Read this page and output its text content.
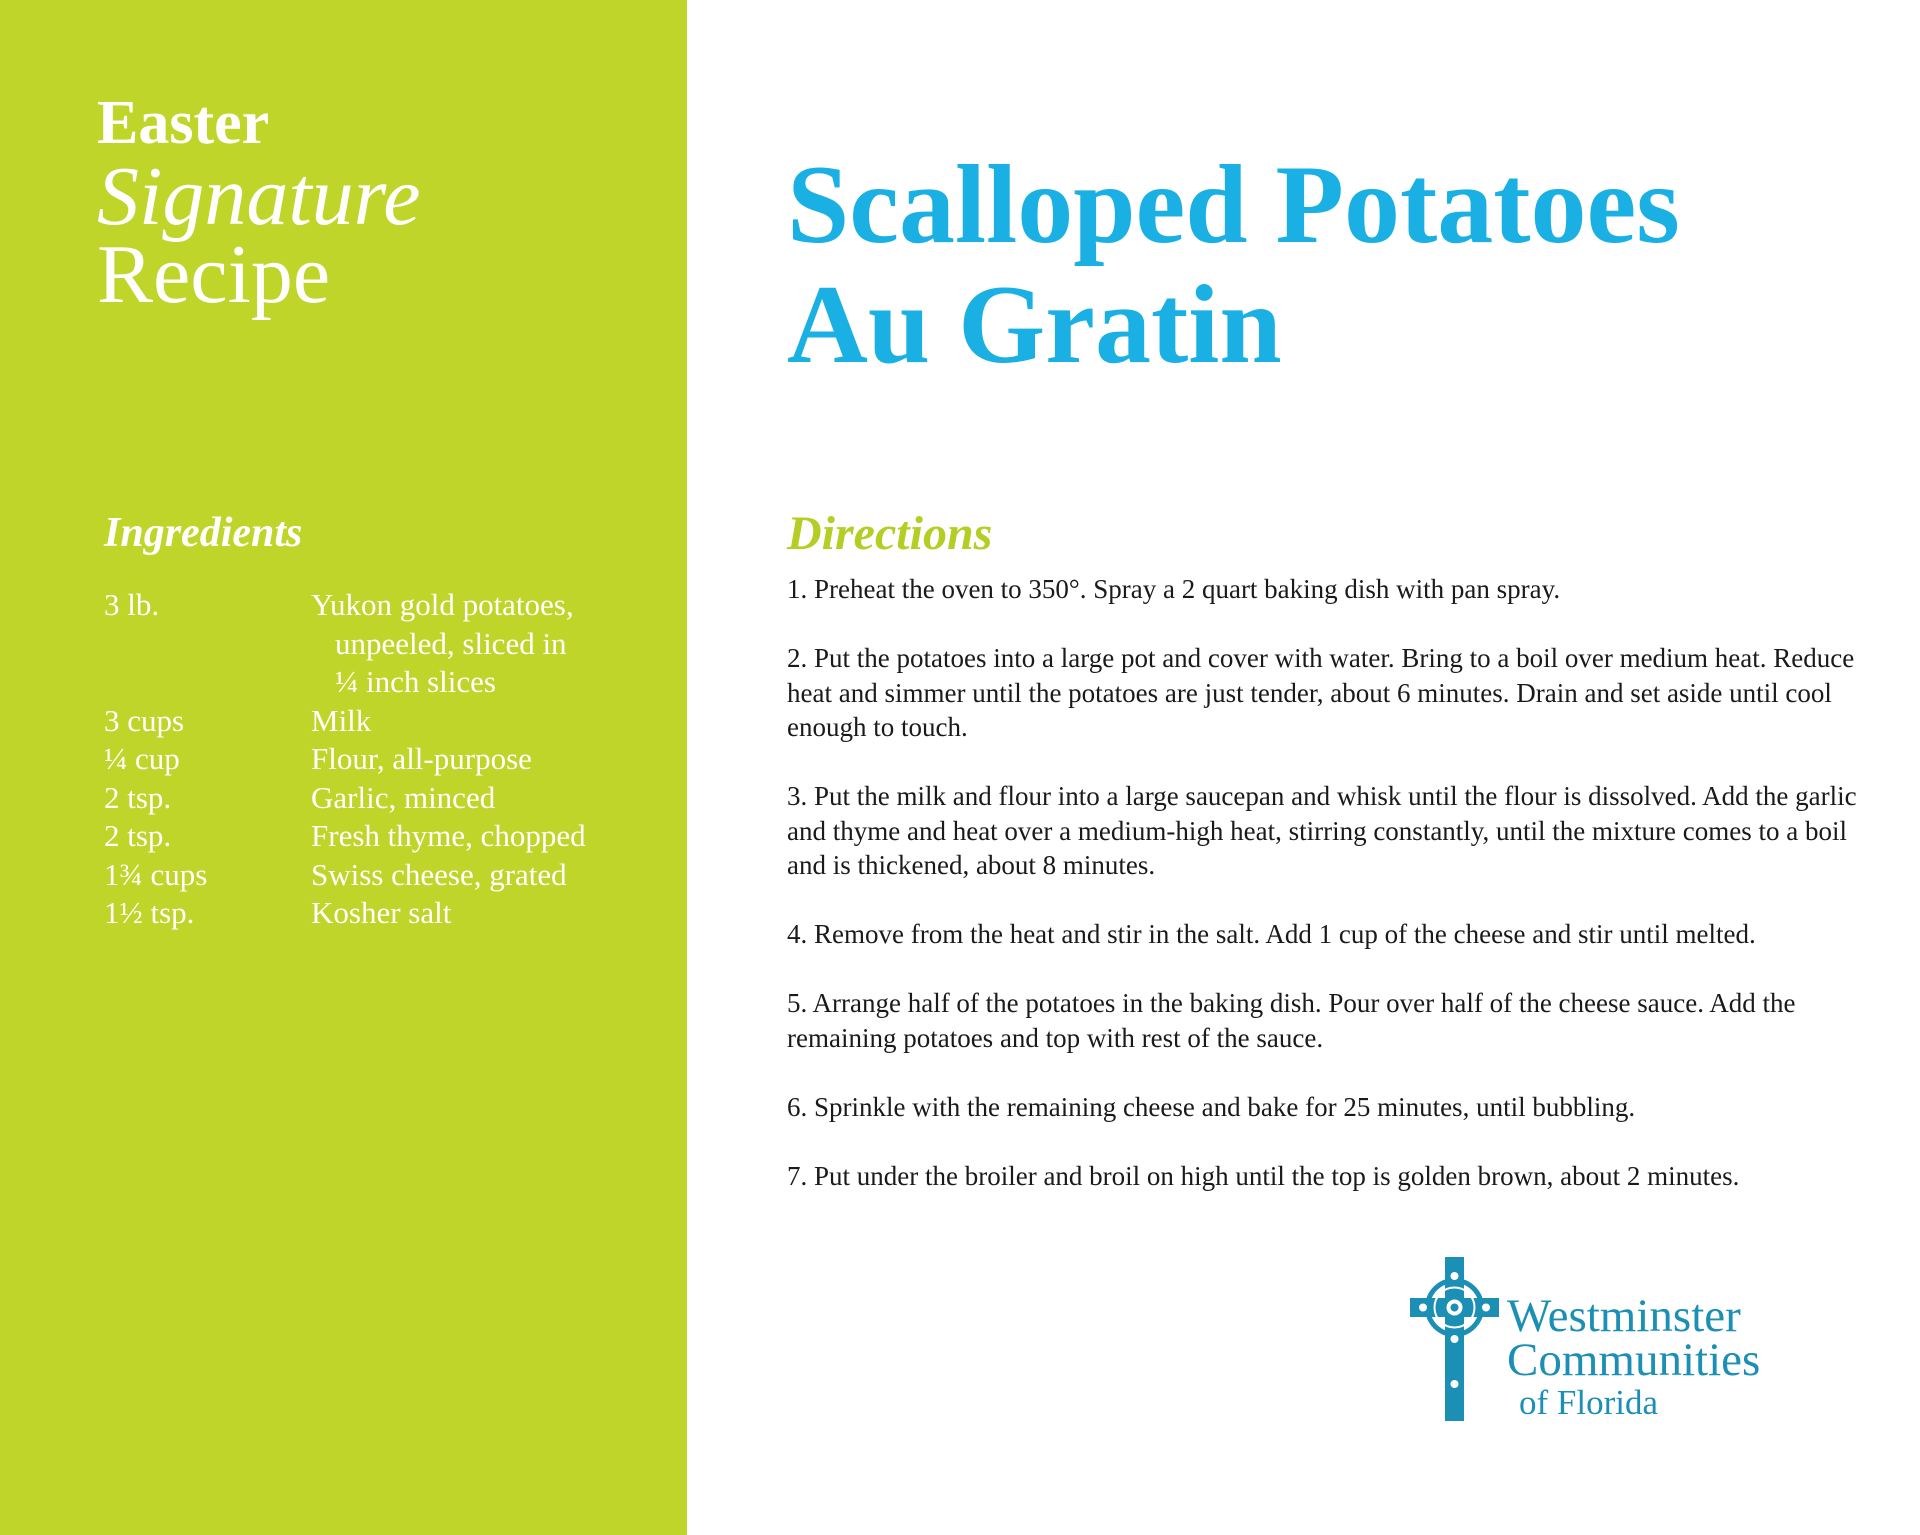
Easter
Signature
Recipe
Ingredients
3 lb.	Yukon gold potatoes,
unpeeled, sliced in
¼ inch slices
3 cups	Milk
¼ cup	Flour, all-purpose
2 tsp.	Garlic, minced
2 tsp.	Fresh thyme, chopped
1¾ cups	Swiss cheese, grated
1½ tsp.	Kosher salt
Scalloped Potatoes
Au Gratin
Directions

1. Preheat the oven to 350°. Spray a 2 quart baking dish with pan spray.

2. Put the potatoes into a large pot and cover with water. Bring to a boil over medium heat. Reduce heat and simmer until the potatoes are just tender, about 6 minutes. Drain and set aside until cool enough to touch.

3. Put the milk and flour into a large saucepan and whisk until the flour is dissolved. Add the garlic and thyme and heat over a medium-high heat, stirring constantly, until the mixture comes to a boil and is thickened, about 8 minutes.

4. Remove from the heat and stir in the salt. Add 1 cup of the cheese and stir until melted.

5. Arrange half of the potatoes in the baking dish. Pour over half of the cheese sauce. Add the remaining potatoes and top with rest of the sauce.

6. Sprinkle with the remaining cheese and bake for 25 minutes, until bubbling.

7. Put under the broiler and broil on high until the top is golden brown, about 2 minutes.

Westminster
Communities
of Florida
